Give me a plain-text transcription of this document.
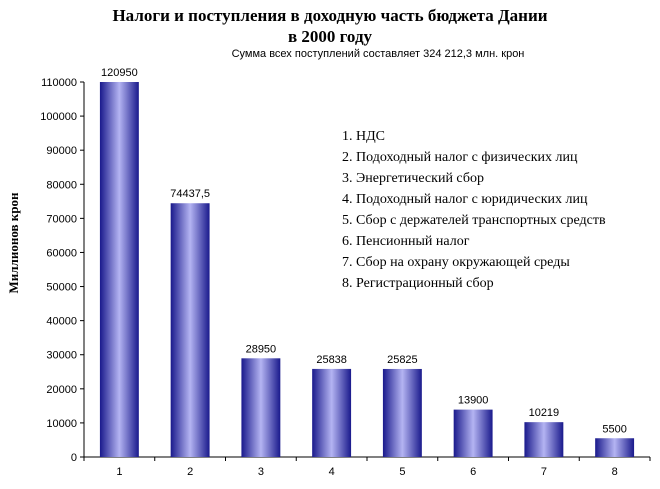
Налоги и поступления в доходную часть бюджета Дании
в 2000 году
Сумма всех поступлений составляет 324 212,3 млн. крон
Миллионов крон
0
10000
20000
30000
40000
50000
60000
70000
80000
90000
100000
110000
1	2	3	4	5	6	7	8
120950
74437,5
28950
25838	25825
13900
10219
5500
1. НДС
2. Подоходный налог с физических лиц
3. Энергетический сбор
4. Подоходный налог с юридических лиц
5. Сбор с держателей транспортных средств
6. Пенсионный налог
7. Сбор на охрану окружающей среды
8. Регистрационный сбор
